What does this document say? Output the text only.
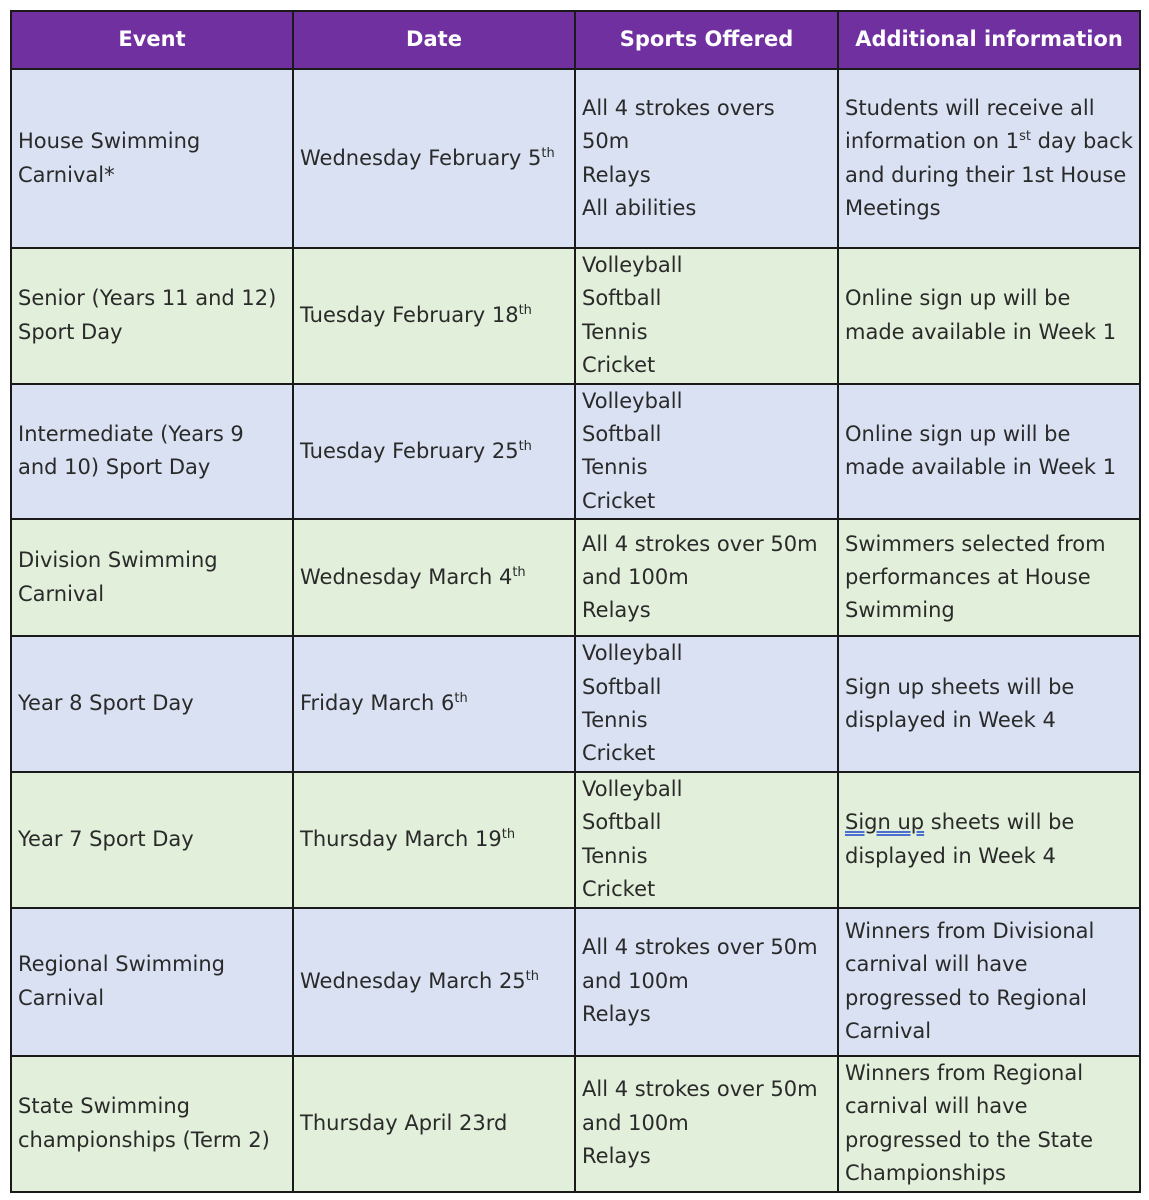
Event	Date	Sports Offered	Additional information

House Swimming Carnival*	Wednesday February 5th	All 4 strokes overs
50m
Relays
All abilities	Students will receive all information on 1st day back and during their 1st House Meetings

Senior (Years 11 and 12) Sport Day	Tuesday February 18th	Volleyball
Softball
Tennis
Cricket	Online sign up will be made available in Week 1

Intermediate (Years 9 and 10) Sport Day	Tuesday February 25th	Volleyball
Softball
Tennis
Cricket	Online sign up will be made available in Week 1

Division Swimming Carnival	Wednesday March 4th	All 4 strokes over 50m
and 100m
Relays	Swimmers selected from performances at House Swimming

Year 8 Sport Day	Friday March 6th	Volleyball
Softball
Tennis
Cricket	Sign up sheets will be displayed in Week 4

Year 7 Sport Day	Thursday March 19th	Volleyball
Softball
Tennis
Cricket	Sign up sheets will be displayed in Week 4

Regional Swimming Carnival	Wednesday March 25th	All 4 strokes over 50m
and 100m
Relays	Winners from Divisional carnival will have progressed to Regional Carnival

State Swimming championships (Term 2)	Thursday April 23rd	All 4 strokes over 50m
and 100m
Relays	Winners from Regional carnival will have progressed to the State Championships
